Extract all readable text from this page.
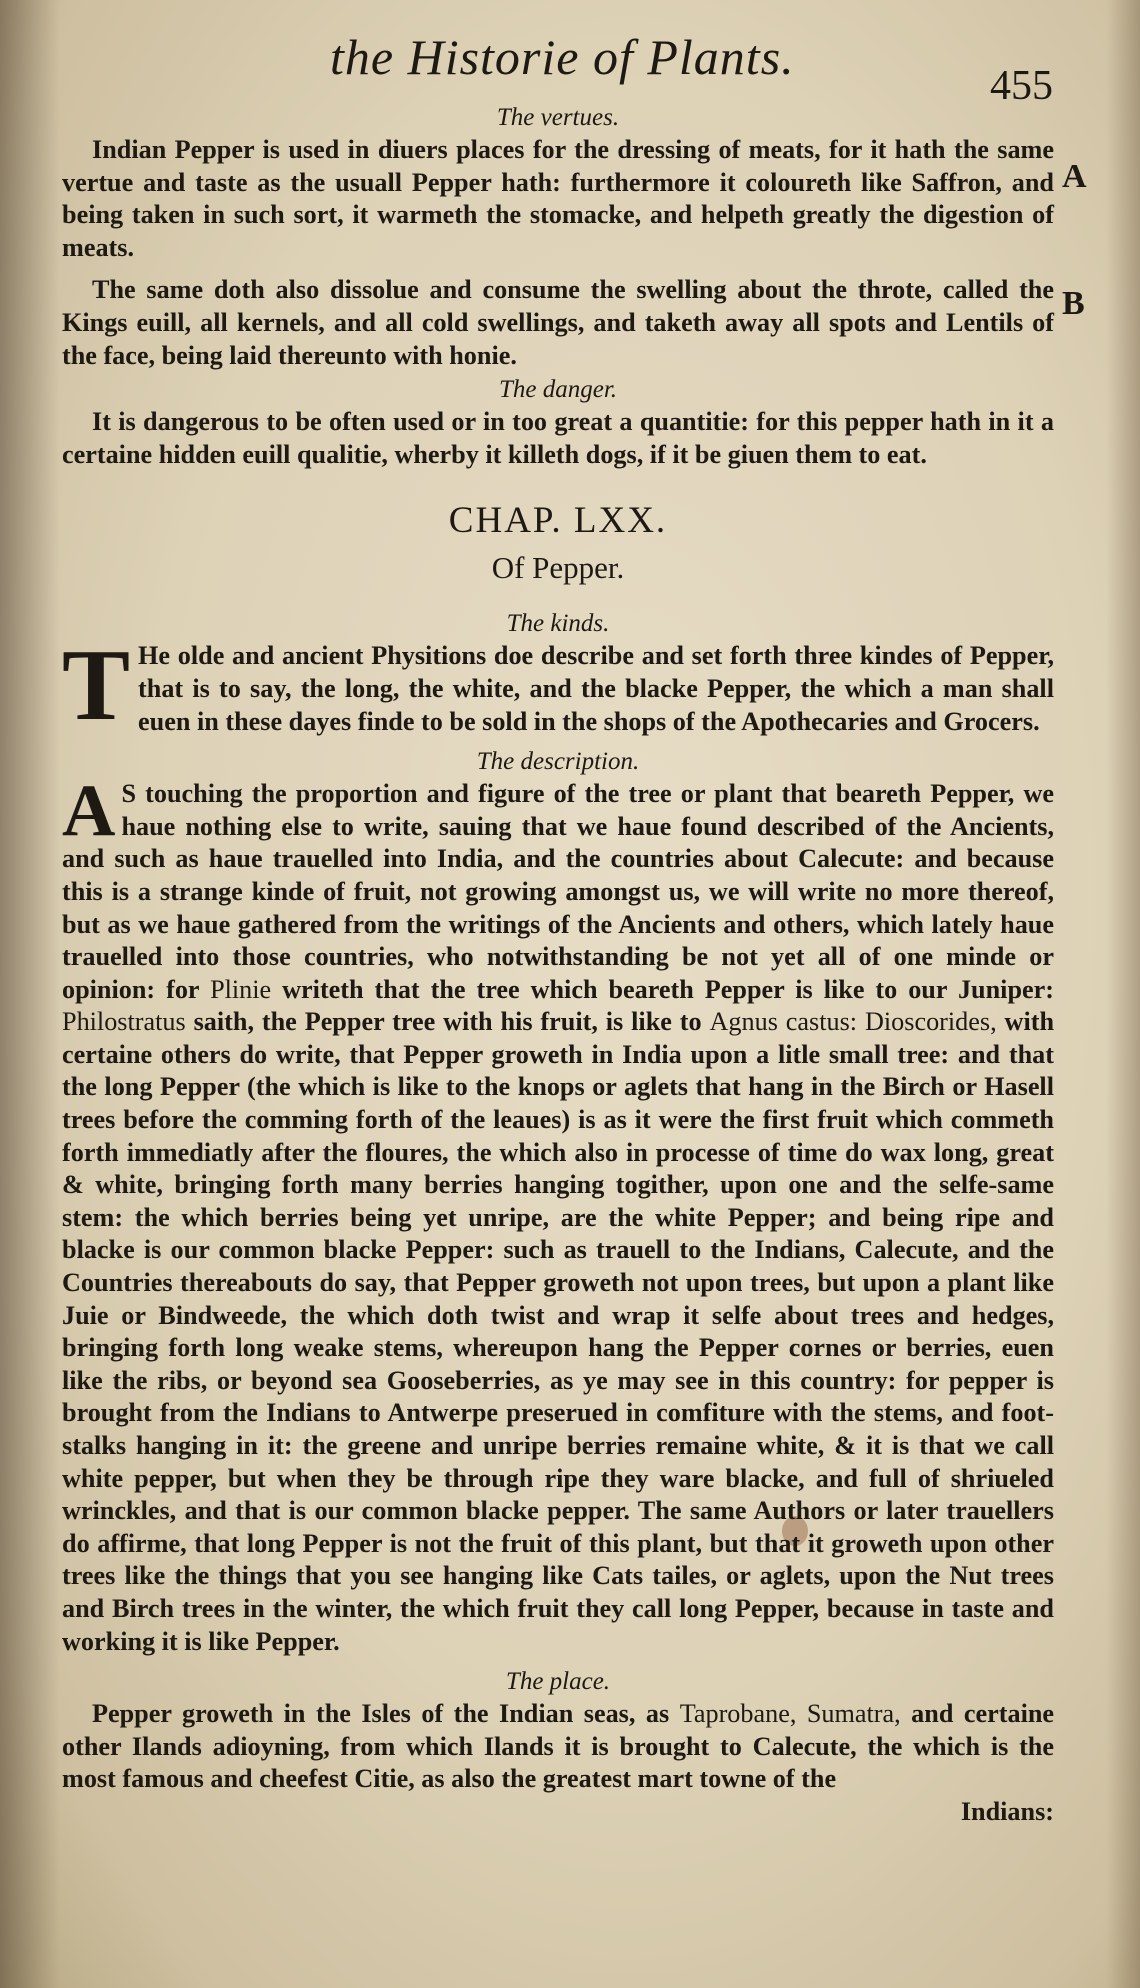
the Historie of Plants.
455
A
B
The vertues.

Indian Pepper is used in diuers places for the dressing of meats, for it hath the same vertue and taste as the usuall Pepper hath: furthermore it coloureth like Saffron, and being taken in such sort, it warmeth the stomacke, and helpeth greatly the digestion of meats.

The same doth also dissolue and consume the swelling about the throte, called the Kings euill, all kernels, and all cold swellings, and taketh away all spots and Lentils of the face, being laid thereunto with honie.

The danger.

It is dangerous to be often used or in too great a quantitie: for this pepper hath in it a certaine hidden euill qualitie, wherby it killeth dogs, if it be giuen them to eat.

CHAP. LXX.
Of Pepper.
The kinds.

T He olde and ancient Physitions doe describe and set forth three kindes of Pepper, that is to say, the long, the white, and the blacke Pepper, the which a man shall euen in these dayes finde to be sold in the shops of the Apothecaries and Grocers.

The description.

A S touching the proportion and figure of the tree or plant that beareth Pepper, we haue nothing else to write, sauing that we haue found described of the Ancients, and such as haue trauelled into India, and the countries about Calecute: and because this is a strange kinde of fruit, not growing amongst us, we will write no more thereof, but as we haue gathered from the writings of the Ancients and others, which lately haue trauelled into those countries, who notwithstanding be not yet all of one minde or opinion: for Plinie writeth that the tree which beareth Pepper is like to our Juniper: Philostratus saith, the Pepper tree with his fruit, is like to Agnus castus: Dioscorides, with certaine others do write, that Pepper groweth in India upon a litle small tree: and that the long Pepper (the which is like to the knops or aglets that hang in the Birch or Hasell trees before the comming forth of the leaues) is as it were the first fruit which commeth forth immediatly after the floures, the which also in processe of time do wax long, great & white, bringing forth many berries hanging togither, upon one and the selfe-same stem: the which berries being yet unripe, are the white Pepper; and being ripe and blacke is our common blacke Pepper: such as trauell to the Indians, Calecute, and the Countries thereabouts do say, that Pepper groweth not upon trees, but upon a plant like Juie or Bindweede, the which doth twist and wrap it selfe about trees and hedges, bringing forth long weake stems, whereupon hang the Pepper cornes or berries, euen like the ribs, or beyond sea Gooseberries, as ye may see in this country: for pepper is brought from the Indians to Antwerpe preserued in comfiture with the stems, and foot-stalks hanging in it: the greene and unripe berries remaine white, & it is that we call white pepper, but when they be through ripe they ware blacke, and full of shriueled wrinckles, and that is our common blacke pepper. The same Authors or later trauellers do affirme, that long Pepper is not the fruit of this plant, but that it groweth upon other trees like the things that you see hanging like Cats tailes, or aglets, upon the Nut trees and Birch trees in the winter, the which fruit they call long Pepper, because in taste and working it is like Pepper.

The place.

Pepper groweth in the Isles of the Indian seas, as Taprobane, Sumatra, and certaine other Ilands adioyning, from which Ilands it is brought to Calecute, the which is the most famous and cheefest Citie, as also the greatest mart towne of the

Indians:
